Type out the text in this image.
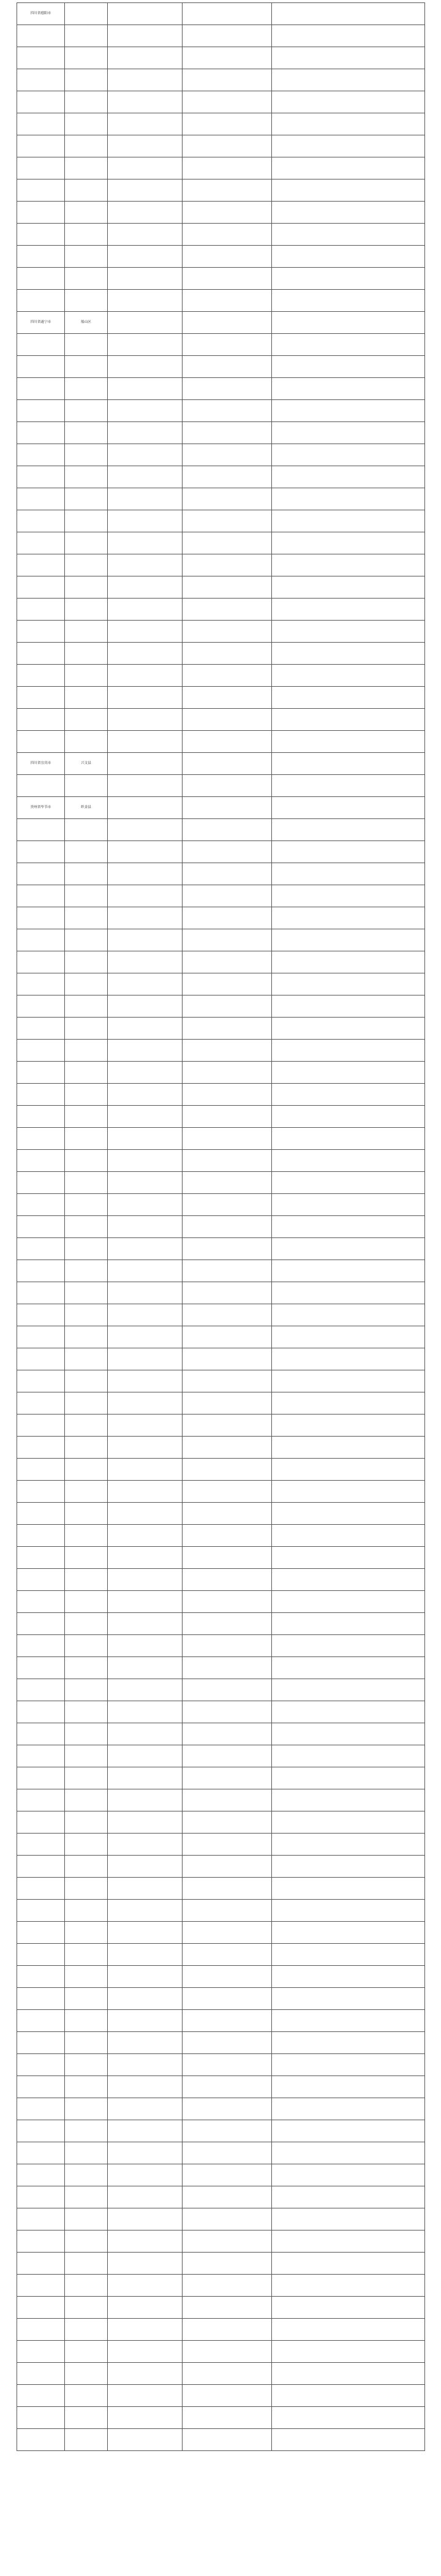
四川省德阳市				

四川省遂宁市	船山区			

四川省宜宾市	兴文县			

贵州省毕节市	织金县			
